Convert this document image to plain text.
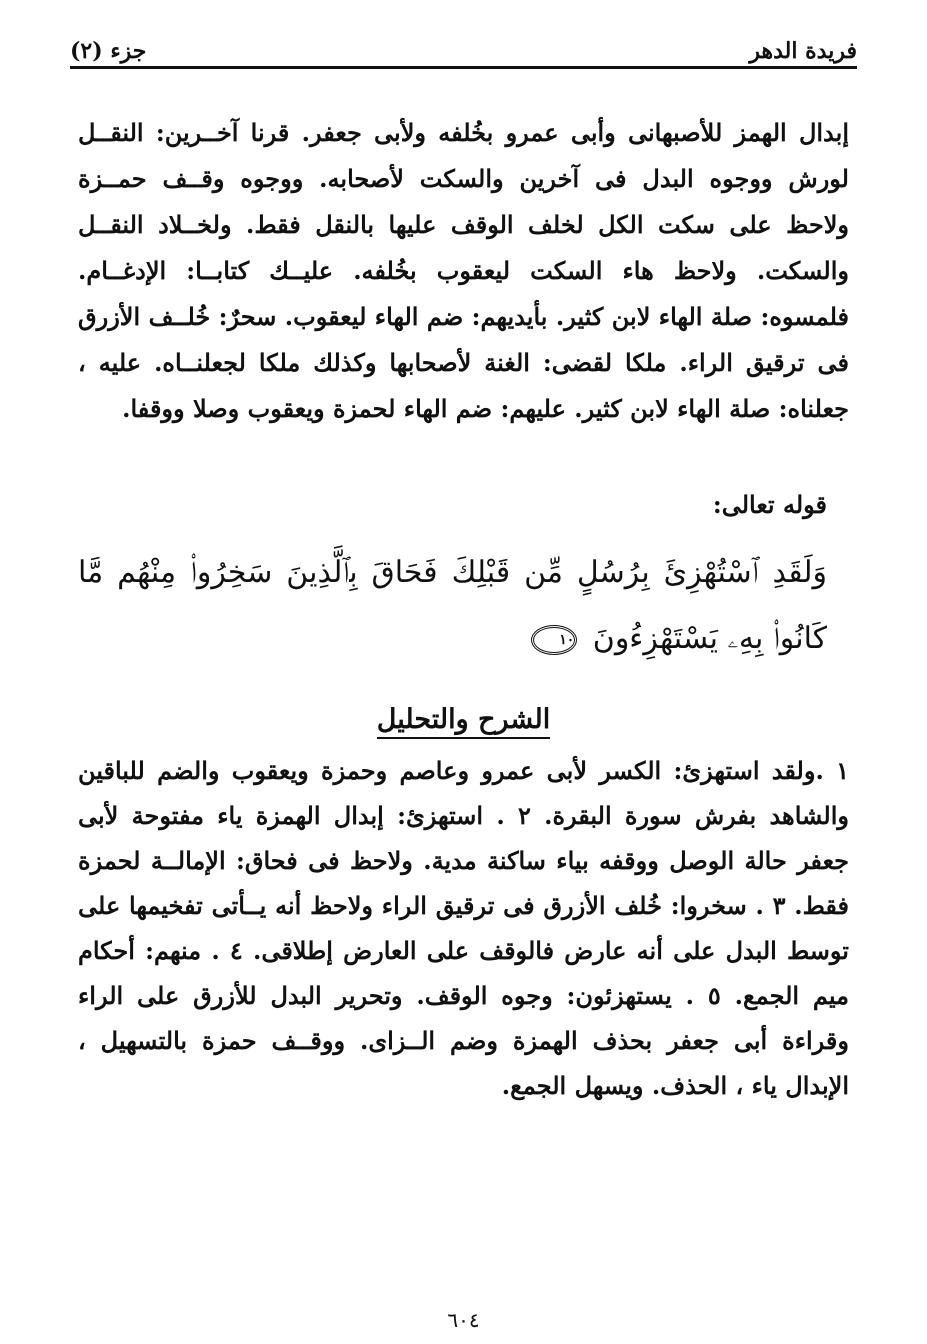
جزء (٢)	فريدة الدهر

إبدال الهمز للأصبهانى وأبى عمرو بخُلفه ولأبى جعفر. قرنا آخــرين: النقــل لورش ووجوه البدل فى آخرين والسكت لأصحابه. ووجوه وقــف حمــزة ولاحظ على سكت الكل لخلف الوقف عليها بالنقل فقط. ولخــلاد النقــل والسكت. ولاحظ هاء السكت ليعقوب بخُلفه. عليــك كتابــا: الإدغــام. فلمسوه: صلة الهاء لابن كثير. بأيديهم: ضم الهاء ليعقوب. سحرٌ: خُلــف الأزرق فى ترقيق الراء. ملكا لقضى: الغنة لأصحابها وكذلك ملكا لجعلنــاه. عليه ، جعلناه: صلة الهاء لابن كثير. عليهم: ضم الهاء لحمزة ويعقوب وصلا ووقفا.

قوله تعالى:
وَلَقَدِ ٱسْتُهْزِئَ بِرُسُلٍ مِّن قَبْلِكَ فَحَاقَ بِٱلَّذِينَ سَخِرُوا۟ مِنْهُم مَّا كَانُوا۟ بِهِۦ يَسْتَهْزِءُونَ ١٠
الشرح والتحليل

١ .ولقد استهزئ: الكسر لأبى عمرو وعاصم وحمزة ويعقوب والضم للباقين والشاهد بفرش سورة البقرة. ٢ . استهزئ: إبدال الهمزة ياء مفتوحة لأبى جعفر حالة الوصل ووقفه بياء ساكنة مدية. ولاحظ فى فحاق: الإمالــة لحمزة فقط. ٣ . سخروا: خُلف الأزرق فى ترقيق الراء ولاحظ أنه يــأتى تفخيمها على توسط البدل على أنه عارض فالوقف على العارض إطلاقى. ٤ . منهم: أحكام ميم الجمع. ٥ . يستهزئون: وجوه الوقف. وتحرير البدل للأزرق على الراء وقراءة أبى جعفر بحذف الهمزة وضم الــزاى. ووقــف حمزة بالتسهيل ، الإبدال ياء ، الحذف. ويسهل الجمع.

٦٠٤
